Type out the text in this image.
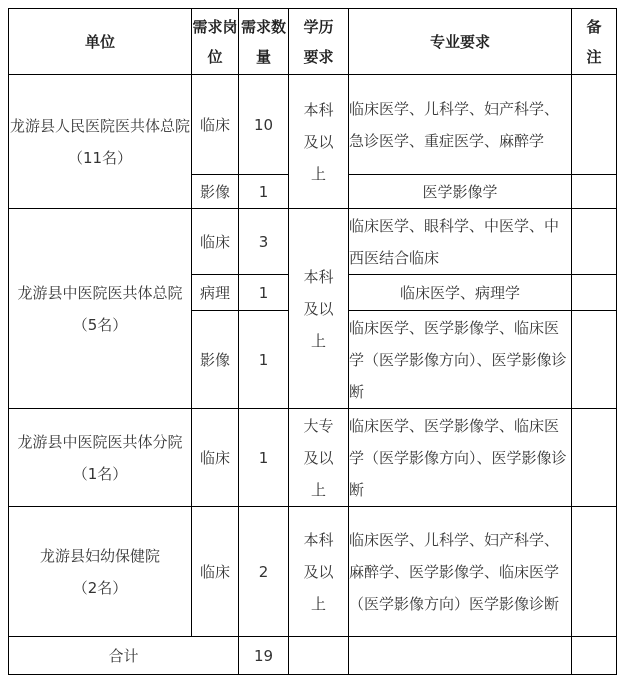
单位	需求岗位	需求数量	学历要求	专业要求	备注

龙游县人民医院医共体总院
（11名）	临床	10	本科及以上	临床医学、儿科学、妇产科学、急诊医学、重症医学、麻醉学	
	影像	1		医学影像学	

龙游县中医院医共体总院
（5名）	临床	3	本科及以上	临床医学、眼科学、中医学、中西医结合临床	
	病理	1		临床医学、病理学	
	影像	1		临床医学、医学影像学、临床医学（医学影像方向）、医学影像诊断	

龙游县中医院医共体分院
（1名）	临床	1	大专及以上	临床医学、医学影像学、临床医学（医学影像方向）、医学影像诊断	

龙游县妇幼保健院
（2名）	临床	2	本科及以上	临床医学、儿科学、妇产科学、麻醉学、医学影像学、临床医学（医学影像方向）医学影像诊断	
合计		19			
